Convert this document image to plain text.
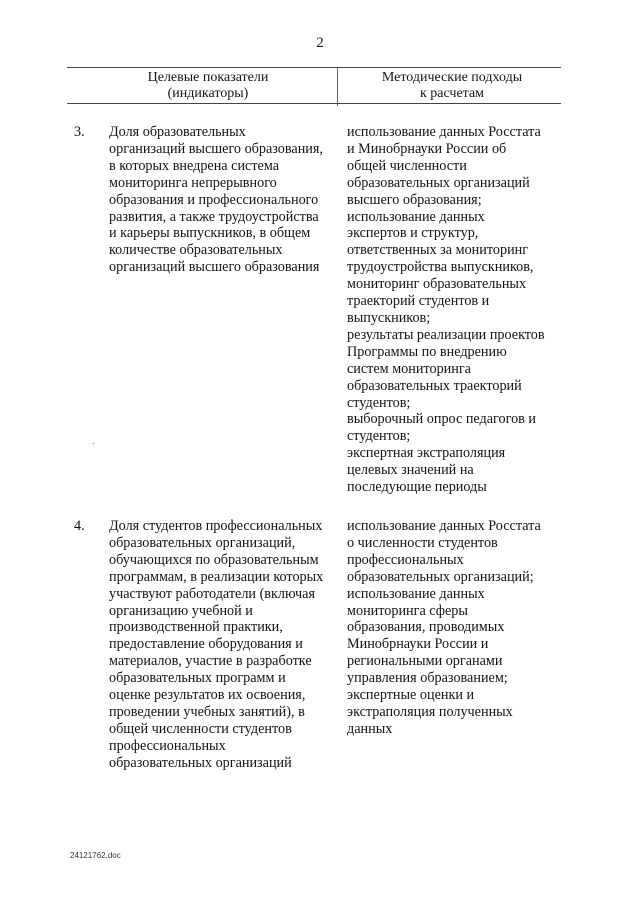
2
Целевые показатели
(индикаторы)
Методические подходы
к расчетам
3. Доля образовательных
организаций высшего образования,
в которых внедрена система
мониторинга непрерывного
образования и профессионального
развития, а также трудоустройства
и карьеры выпускников, в общем
количестве образовательных
организаций высшего образования
использование данных Росстата
и Минобрнауки России об
общей численности
образовательных организаций
высшего образования;
использование данных
экспертов и структур,
ответственных за мониторинг
трудоустройства выпускников,
мониторинг образовательных
траекторий студентов и
выпускников;
результаты реализации проектов
Программы по внедрению
систем мониторинга
образовательных траекторий
студентов;
выборочный опрос педагогов и
студентов;
экспертная экстраполяция
целевых значений на
последующие периоды
4. Доля студентов профессиональных
образовательных организаций,
обучающихся по образовательным
программам, в реализации которых
участвуют работодатели (включая
организацию учебной и
производственной практики,
предоставление оборудования и
материалов, участие в разработке
образовательных программ и
оценке результатов их освоения,
проведении учебных занятий), в
общей численности студентов
профессиональных
образовательных организаций
использование данных Росстата
о численности студентов
профессиональных
образовательных организаций;
использование данных
мониторинга сферы
образования, проводимых
Минобрнауки России и
региональными органами
управления образованием;
экспертные оценки и
экстраполяция полученных
данных
24121762.doc
